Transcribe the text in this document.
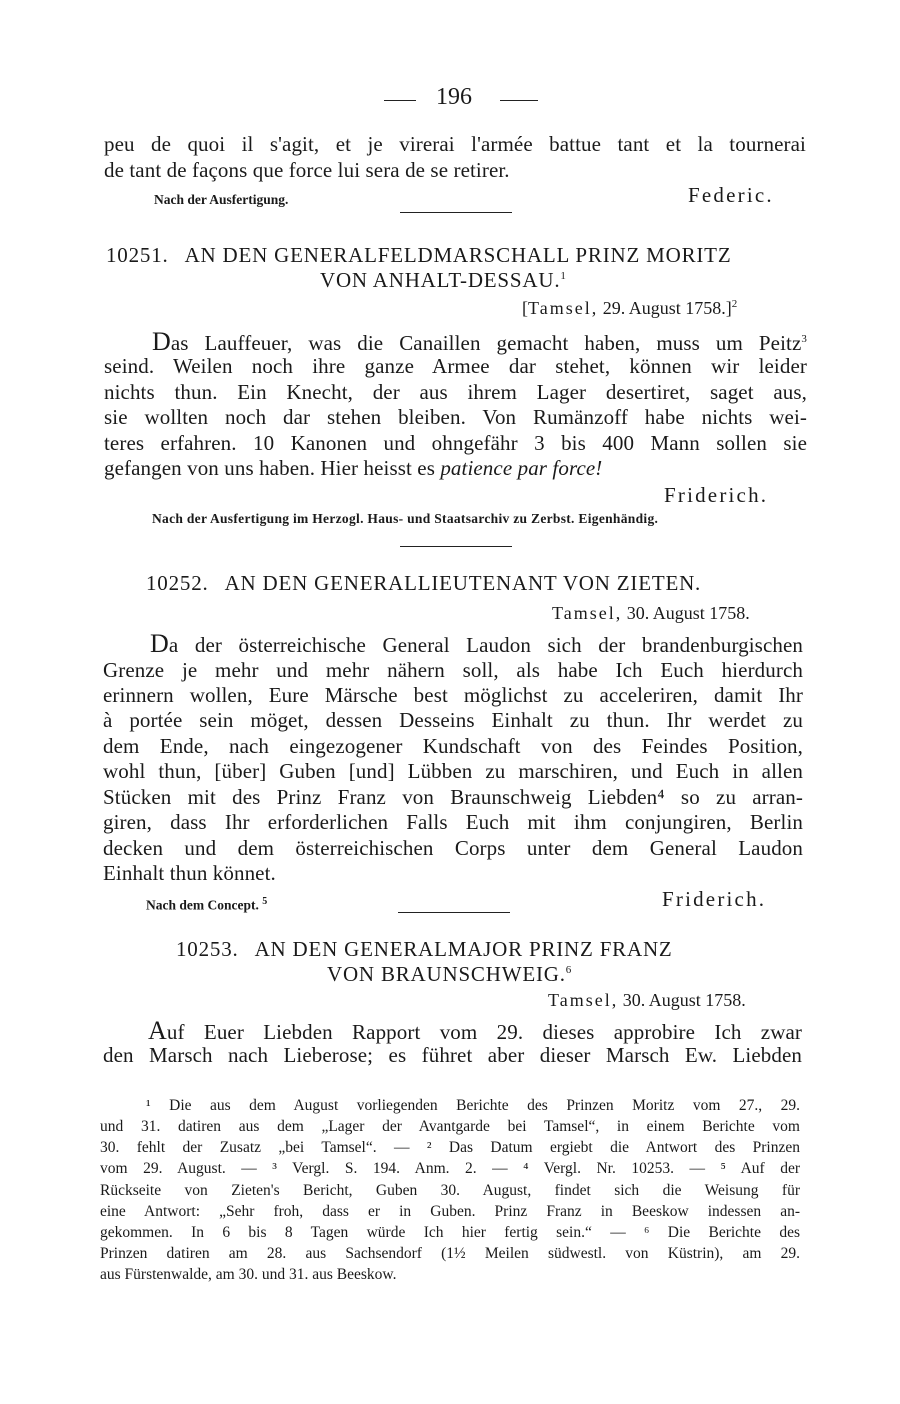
196
peu de quoi il s'agit, et je virerai l'armée battue tant et la tournerai
de tant de façons que force lui sera de se retirer.
Nach der Ausfertigung.	Federic.
10251. AN DEN GENERALFELDMARSCHALL PRINZ MORITZ
VON ANHALT-DESSAU.$^1$
[Tamsel, 29. August 1758.]$^2$
Das Lauffeuer, was die Canaillen gemacht haben, muss um Peitz$^3$
seind. Weilen noch ihre ganze Armee dar stehet, können wir leider
nichts thun. Ein Knecht, der aus ihrem Lager desertiret, saget aus,
sie wollten noch dar stehen bleiben. Von Rumänzoff habe nichts wei-
teres erfahren. 10 Kanonen und ohngefähr 3 bis 400 Mann sollen sie
gefangen von uns haben. Hier heisst es patience par force!
Friderich.
Nach der Ausfertigung im Herzogl. Haus- und Staatsarchiv zu Zerbst. Eigenhändig.
10252. AN DEN GENERALLIEUTENANT VON ZIETEN.
Tamsel, 30. August 1758.
Da der österreichische General Laudon sich der brandenburgischen
Grenze je mehr und mehr nähern soll, als habe Ich Euch hierdurch
erinnern wollen, Eure Märsche best möglichst zu acceleriren, damit Ihr
à portée sein möget, dessen Desseins Einhalt zu thun. Ihr werdet zu
dem Ende, nach eingezogener Kundschaft von des Feindes Position,
wohl thun, [über] Guben [und] Lübben zu marschiren, und Euch in allen
Stücken mit des Prinz Franz von Braunschweig Liebden⁴ so zu arran-
giren, dass Ihr erforderlichen Falls Euch mit ihm conjungiren, Berlin
decken und dem österreichischen Corps unter dem General Laudon
Einhalt thun könnet.
Nach dem Concept. $^5$	Friderich.
10253. AN DEN GENERALMAJOR PRINZ FRANZ
VON BRAUNSCHWEIG.$^6$
Tamsel, 30. August 1758.
Auf Euer Liebden Rapport vom 29. dieses approbire Ich zwar
den Marsch nach Lieberose; es führet aber dieser Marsch Ew. Liebden
¹ Die aus dem August vorliegenden Berichte des Prinzen Moritz vom 27., 29.
und 31. datiren aus dem „Lager der Avantgarde bei Tamsel“, in einem Berichte vom
30. fehlt der Zusatz „bei Tamsel“. — ² Das Datum ergiebt die Antwort des Prinzen
vom 29. August. — ³ Vergl. S. 194. Anm. 2. — ⁴ Vergl. Nr. 10253. — ⁵ Auf der
Rückseite von Zieten's Bericht, Guben 30. August, findet sich die Weisung für
eine Antwort: „Sehr froh, dass er in Guben. Prinz Franz in Beeskow indessen an-
gekommen. In 6 bis 8 Tagen würde Ich hier fertig sein.“ — ⁶ Die Berichte des
Prinzen datiren am 28. aus Sachsendorf (1½ Meilen südwestl. von Küstrin), am 29.
aus Fürstenwalde, am 30. und 31. aus Beeskow.
